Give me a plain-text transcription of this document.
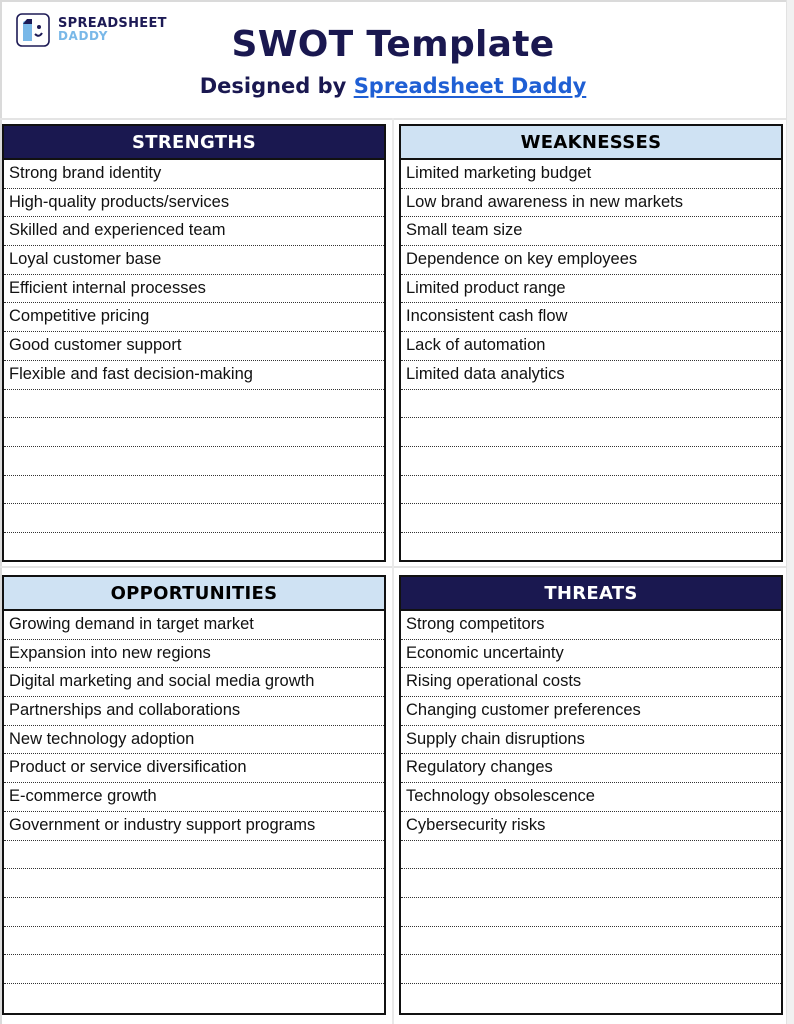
SPREADSHEET
DADDY	SWOT Template
Designed by Spreadsheet Daddy
STRENGTHS
Strong brand identity
High-quality products/services
Skilled and experienced team
Loyal customer base
Efficient internal processes
Competitive pricing
Good customer support
Flexible and fast decision-making
WEAKNESSES
Limited marketing budget
Low brand awareness in new markets
Small team size
Dependence on key employees
Limited product range
Inconsistent cash flow
Lack of automation
Limited data analytics
OPPORTUNITIES
Growing demand in target market
Expansion into new regions
Digital marketing and social media growth
Partnerships and collaborations
New technology adoption
Product or service diversification
E-commerce growth
Government or industry support programs
THREATS
Strong competitors
Economic uncertainty
Rising operational costs
Changing customer preferences
Supply chain disruptions
Regulatory changes
Technology obsolescence
Cybersecurity risks
